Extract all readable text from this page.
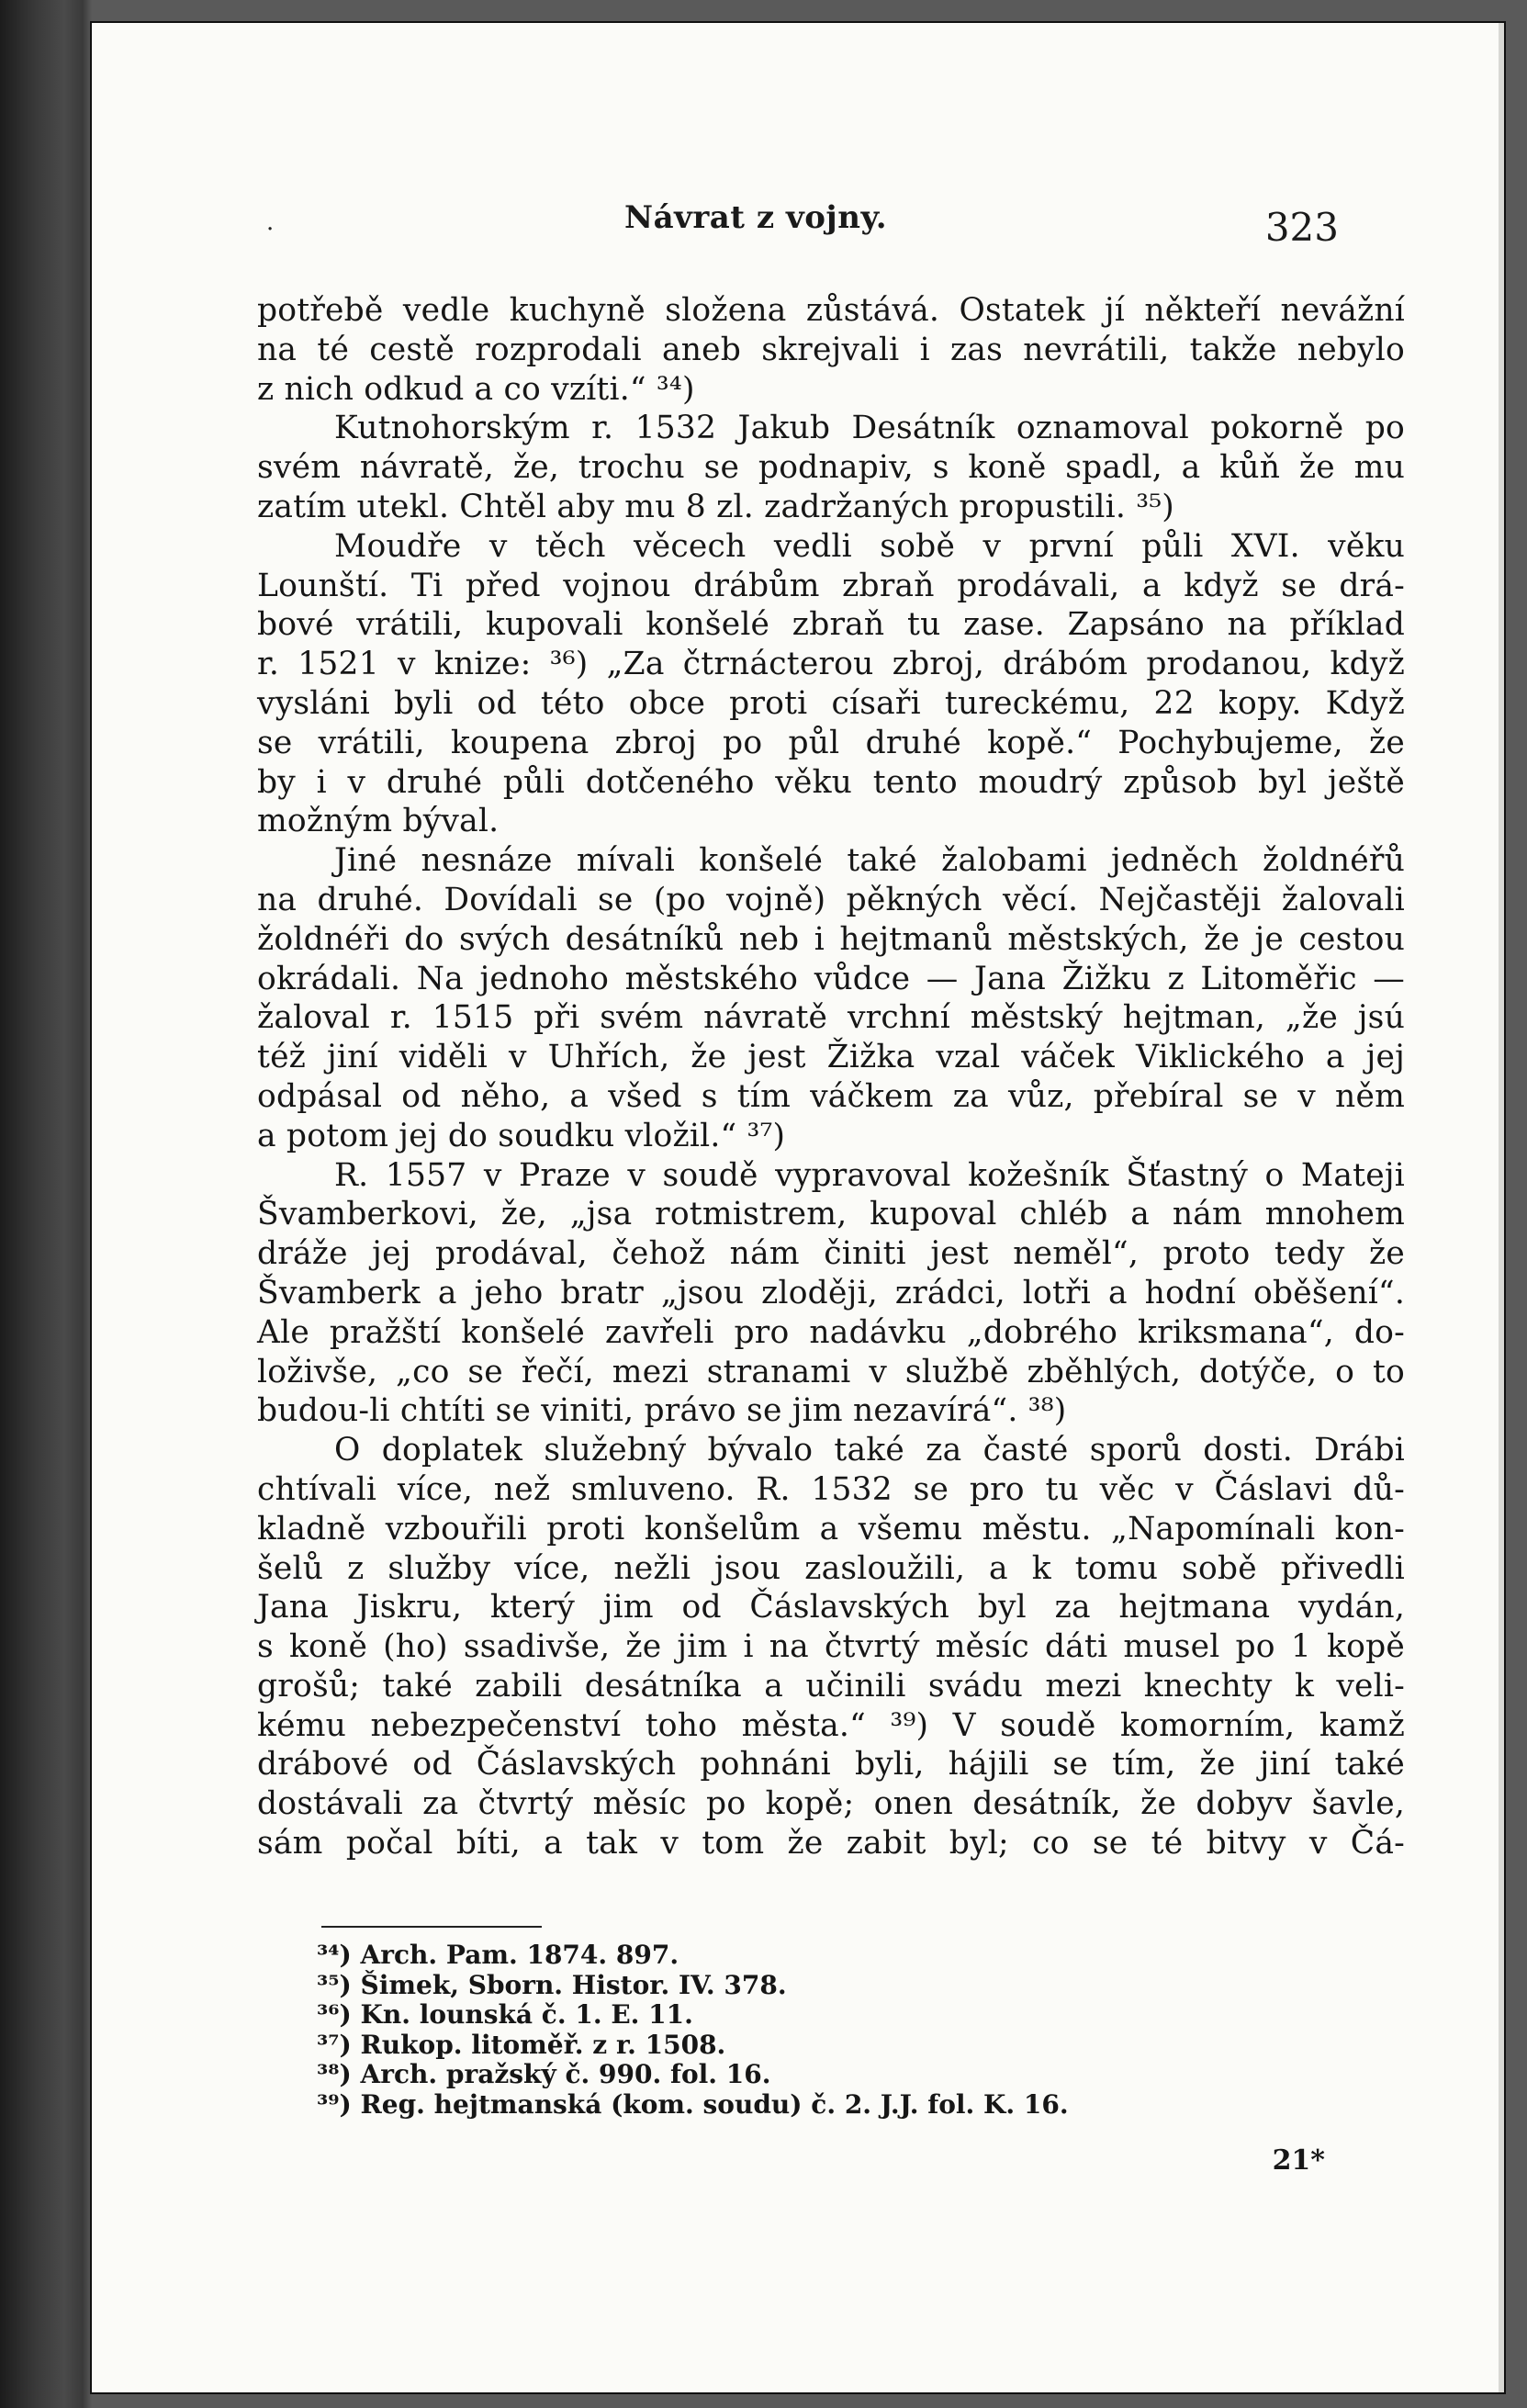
·	Návrat z vojny.	323
potřebě vedle kuchyně složena zůstává. Ostatek jí někteří nevážní
na té cestě rozprodali aneb skrejvali i zas nevrátili, takže nebylo
z nich odkud a co vzíti.“ ³⁴)
Kutnohorským r. 1532 Jakub Desátník oznamoval pokorně po
svém návratě, že, trochu se podnapiv, s koně spadl, a kůň že mu
zatím utekl. Chtěl aby mu 8 zl. zadržaných propustili. ³⁵)
Moudře v těch věcech vedli sobě v první půli XVI. věku
Lounští. Ti před vojnou drábům zbraň prodávali, a když se drá-
bové vrátili, kupovali konšelé zbraň tu zase. Zapsáno na příklad
r. 1521 v knize: ³⁶) „Za čtrnácterou zbroj, drábóm prodanou, když
vysláni byli od této obce proti císaři tureckému, 22 kopy. Když
se vrátili, koupena zbroj po půl druhé kopě.“ Pochybujeme, že
by i v druhé půli dotčeného věku tento moudrý způsob byl ještě
možným býval.
Jiné nesnáze mívali konšelé také žalobami jedněch žoldnéřů
na druhé. Dovídali se (po vojně) pěkných věcí. Nejčastěji žalovali
žoldnéři do svých desátníků neb i hejtmanů městských, že je cestou
okrádali. Na jednoho městského vůdce — Jana Žižku z Litoměřic —
žaloval r. 1515 při svém návratě vrchní městský hejtman, „že jsú
též jiní viděli v Uhřích, že jest Žižka vzal váček Viklického a jej
odpásal od něho, a všed s tím váčkem za vůz, přebíral se v něm
a potom jej do soudku vložil.“ ³⁷)
R. 1557 v Praze v soudě vypravoval kožešník Šťastný o Mateji
Švamberkovi, že, „jsa rotmistrem, kupoval chléb a nám mnohem
dráže jej prodával, čehož nám činiti jest neměl“, proto tedy že
Švamberk a jeho bratr „jsou zloději, zrádci, lotři a hodní oběšení“.
Ale pražští konšelé zavřeli pro nadávku „dobrého kriksmana“, do-
loživše, „co se řečí, mezi stranami v službě zběhlých, dotýče, o to
budou-li chtíti se viniti, právo se jim nezavírá“. ³⁸)
O doplatek služebný bývalo také za časté sporů dosti. Drábi
chtívali více, než smluveno. R. 1532 se pro tu věc v Čáslavi dů-
kladně vzbouřili proti konšelům a všemu městu. „Napomínali kon-
šelů z služby více, nežli jsou zasloužili, a k tomu sobě přivedli
Jana Jiskru, který jim od Čáslavských byl za hejtmana vydán,
s koně (ho) ssadivše, že jim i na čtvrtý měsíc dáti musel po 1 kopě
grošů; také zabili desátníka a učinili svádu mezi knechty k veli-
kému nebezpečenství toho města.“ ³⁹) V soudě komorním, kamž
drábové od Čáslavských pohnáni byli, hájili se tím, že jiní také
dostávali za čtvrtý měsíc po kopě; onen desátník, že dobyv šavle,
sám počal bíti, a tak v tom že zabit byl; co se té bitvy v Čá-
³⁴) Arch. Pam. 1874. 897.
³⁵) Šimek, Sborn. Histor. IV. 378.
³⁶) Kn. lounská č. 1. E. 11.
³⁷) Rukop. litoměř. z r. 1508.
³⁸) Arch. pražský č. 990. fol. 16.
³⁹) Reg. hejtmanská (kom. soudu) č. 2. J.J. fol. K. 16.
21*
